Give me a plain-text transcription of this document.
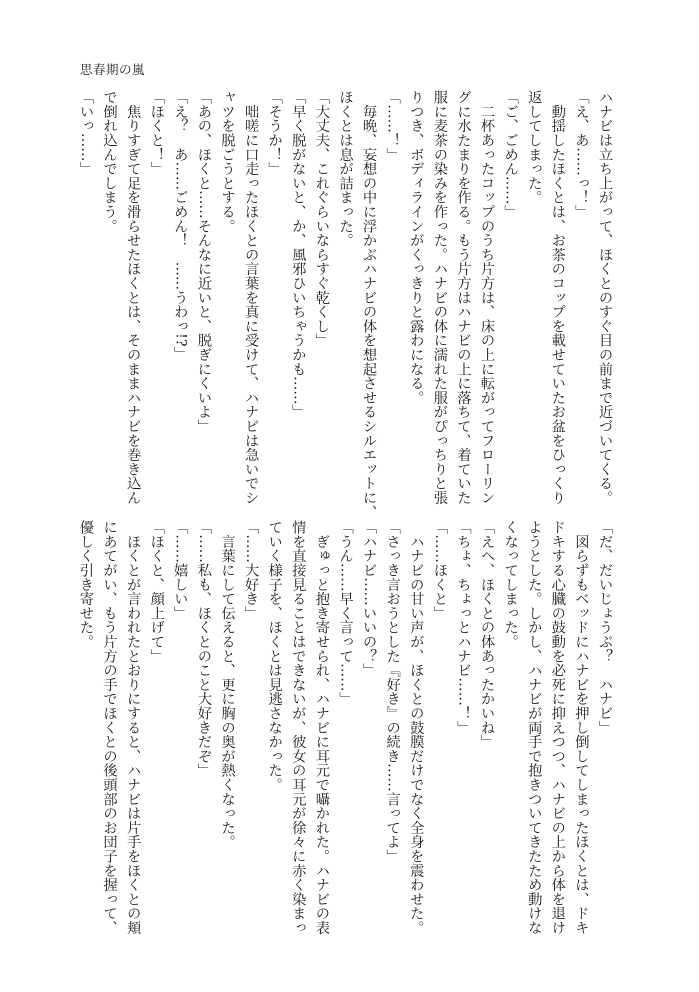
思春期の嵐
ハナビは立ち上がって、ほくとのすぐ目の前まで近づいてくる。
「え、あ……っ！」
　動揺したほくとは、お茶のコップを載せていたお盆をひっくり
返してしまった。
「ご、ごめん……」
　二杯あったコップのうち片方は、床の上に転がってフローリン
グに水たまりを作る。もう片方はハナビの上に落ちて、着ていた
服に麦茶の染みを作った。ハナビの体に濡れた服がぴっちりと張
りつき、ボディラインがくっきりと露わになる。
「……！」
　毎晩、妄想の中に浮かぶハナビの体を想起させるシルエットに、
ほくとは息が詰まった。
「大丈夫、これぐらいならすぐ乾くし」
「早く脱がないと、か、風邪ひいちゃうかも……」
「そうか！」
　咄嗟に口走ったほくとの言葉を真に受けて、ハナビは急いでシ
ャツを脱ごうとする。
「あの、ほくと……そんなに近いと、脱ぎにくいよ」
「え？　あ……ごめん！　……うわっ!?」
「ほくと！」
　焦りすぎて足を滑らせたほくとは、そのままハナビを巻き込ん
で倒れ込んでしまう。
「いっ……」
「だ、だいじょうぶ？　ハナビ」
　図らずもベッドにハナビを押し倒してしまったほくとは、ドキ
ドキする心臓の鼓動を必死に抑えつつ、ハナビの上から体を退け
ようとした。しかし、ハナビが両手で抱きついてきたため動けな
くなってしまった。
「えへ、ほくとの体あったかいね」
「ちょ、ちょっとハナビ……！」
「……ほくと」
　ハナビの甘い声が、ほくとの鼓膜だけでなく全身を震わせた。
「さっき言おうとした『好き』の続き……言ってよ」
「ハナビ……いいの？」
「うん……早く言って……」
　ぎゅっと抱き寄せられ、ハナビに耳元で囁かれた。ハナビの表
情を直接見ることはできないが、彼女の耳元が徐々に赤く染まっ
ていく様子を、ほくとは見逃さなかった。
「……大好き」
　言葉にして伝えると、更に胸の奥が熱くなった。
「……私も、ほくとのこと大好きだぞ」
「……嬉しい」
「ほくと、顔上げて」
　ほくとが言われたとおりにすると、ハナビは片手をほくとの頬
にあてがい、もう片方の手でほくとの後頭部のお団子を握って、
優しく引き寄せた。
